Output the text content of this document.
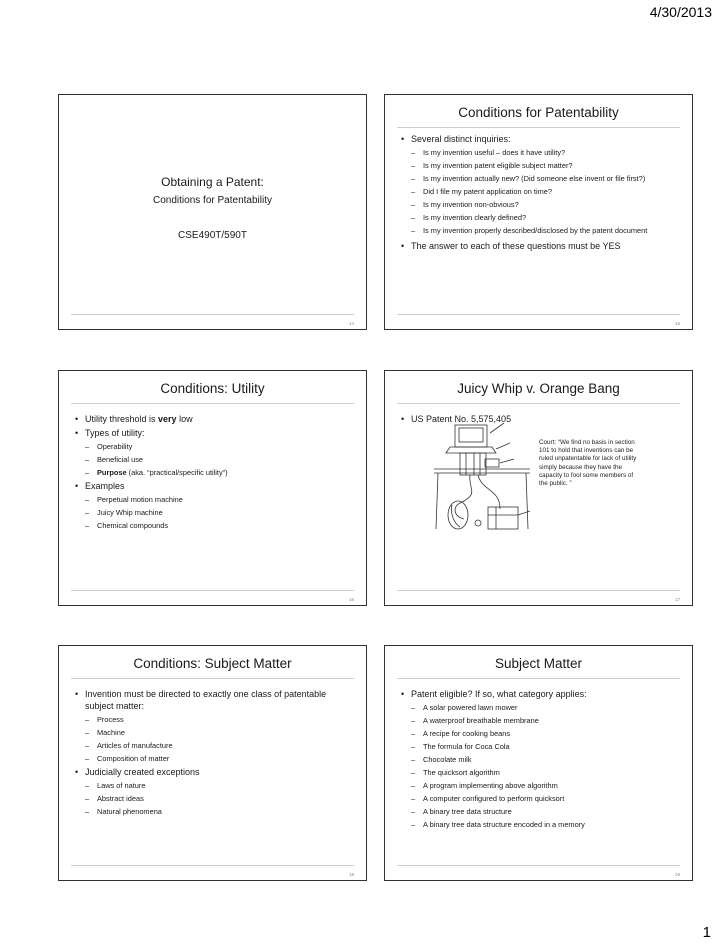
4/30/2013
Obtaining a Patent:
Conditions for Patentability
CSE490T/590T
14
Conditions for Patentability
• Several distinct inquiries:
– Is my invention useful – does it have utility?
– Is my invention patent eligible subject matter?
– Is my invention actually new? (Did someone else invent or file first?)
– Did I file my patent application on time?
– Is my invention non-obvious?
– Is my invention clearly defined?
– Is my invention properly described/disclosed by the patent document
• The answer to each of these questions must be YES
15
Conditions: Utility
• Utility threshold is very low
• Types of utility:
– Operability
– Beneficial use
– Purpose (aka. “practical/specific utility”)
• Examples
– Perpetual motion machine
– Juicy Whip machine
– Chemical compounds
16
Juicy Whip v. Orange Bang
• US Patent No. 5,575,405
Court: “We find no basis in section 101 to hold that inventions can be ruled unpatentable for lack of utility simply because they have the capacity to fool some members of the public. ”
17
Conditions: Subject Matter
• Invention must be directed to exactly one class of patentable subject matter:
– Process
– Machine
– Articles of manufacture
– Composition of matter
• Judicially created exceptions
– Laws of nature
– Abstract ideas
– Natural phenomena
18
Subject Matter
• Patent eligible? If so, what category applies:
– A solar powered lawn mower
– A waterproof breathable membrane
– A recipe for cooking beans
– The formula for Coca Cola
– Chocolate milk
– The quicksort algorithm
– A program implementing above algorithm
– A computer configured to perform quicksort
– A binary tree data structure
– A binary tree data structure encoded in a memory
19
1
